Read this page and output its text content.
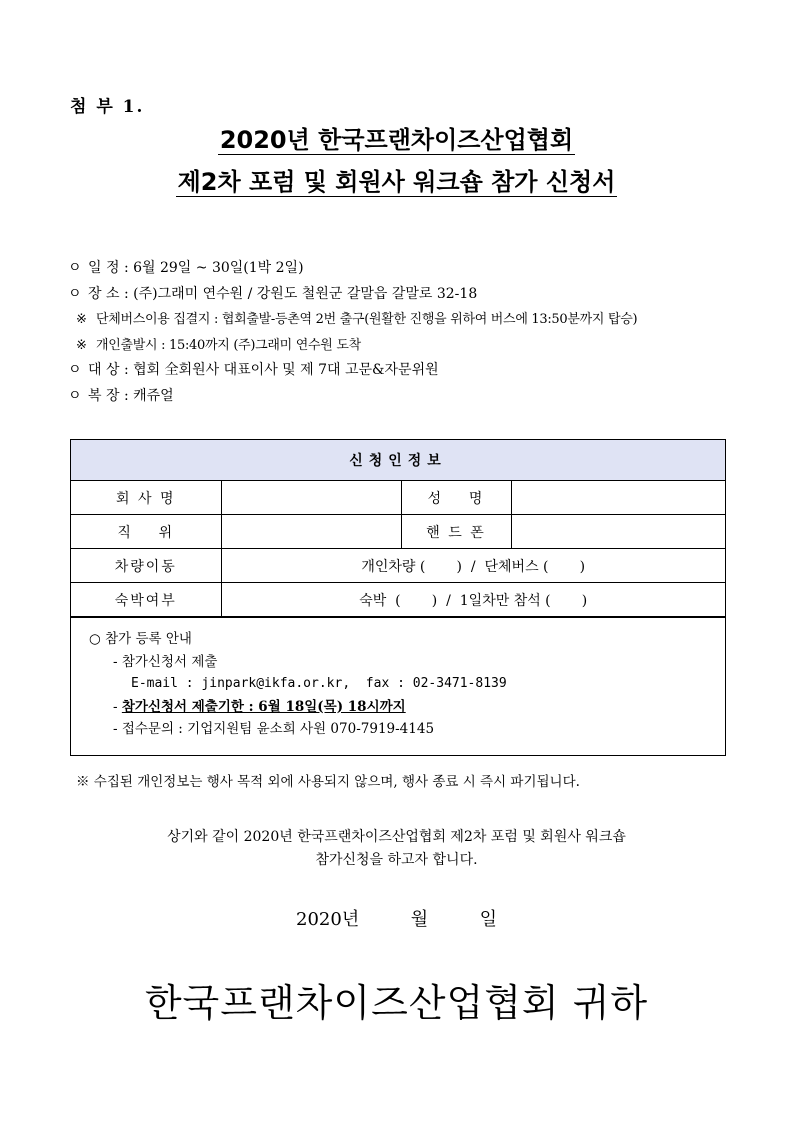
첨 부 1.
2020년 한국프랜차이즈산업협회
제2차 포럼 및 회원사 워크숍 참가 신청서
ㅇ 일 정 : 6월 29일 ~ 30일(1박 2일)
ㅇ 장 소 : (주)그래미 연수원 / 강원도 철원군 갈말읍 갈말로 32-18
※ 단체버스이용 집결지 : 협회출발-등촌역 2번 출구(원활한 진행을 위하여 버스에 13:50분까지 탑승)
※ 개인출발시 : 15:40까지 (주)그래미 연수원 도착
ㅇ 대 상 : 협회 全회원사 대표이사 및 제 7대 고문&자문위원
ㅇ 복 장 : 캐쥬얼
신청인정보			
회 사 명		성    명	
직    위		핸 드 폰	
차량이동	개인차량 (       )  /  단체버스 (       )		
숙박여부	숙박  (       )  /  1일차만 참석 (       )		
○ 참가 등록 안내
- 참가신청서 제출
E-mail : jinpark@ikfa.or.kr,  fax : 02-3471-8139
- 참가신청서 제출기한 : 6월 18일(목) 18시까지
- 접수문의 : 기업지원팀 윤소희 사원 070-7919-4145
※ 수집된 개인정보는 행사 목적 외에 사용되지 않으며, 행사 종료 시 즉시 파기됩니다.
상기와 같이 2020년 한국프랜차이즈산업협회 제2차 포럼 및 회원사 워크숍
참가신청을 하고자 합니다.
2020년	월	일
한국프랜차이즈산업협회 귀하
